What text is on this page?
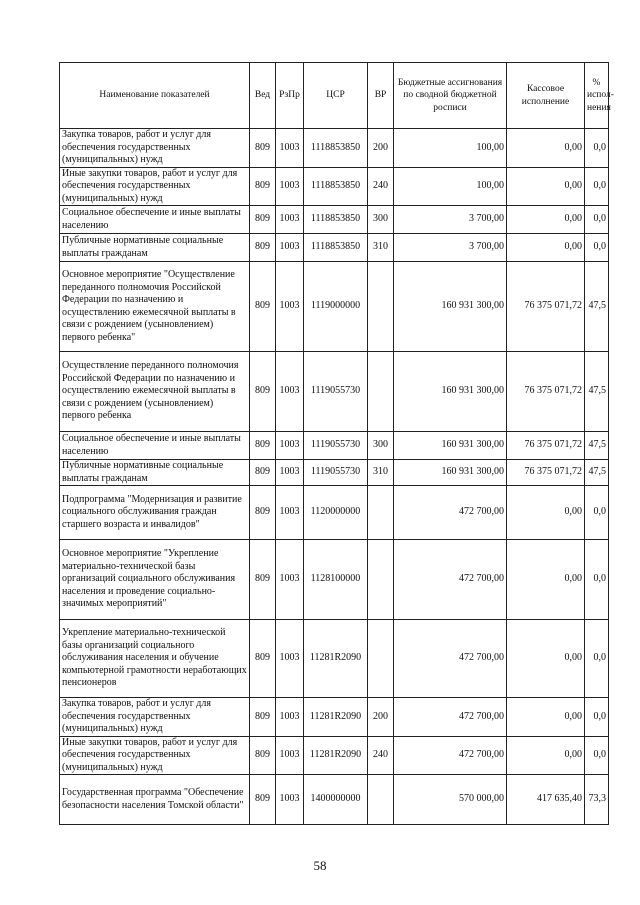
Наименование показателей	Вед	РзПр	ЦСР	ВР	Бюджетные ассигнования по сводной бюджетной росписи	Кассовое исполнение	% испол-нения
Закупка товаров, работ и услуг для обеспечения государственных (муниципальных) нужд	809	1003	1118853850	200	100,00	0,00	0,0
Иные закупки товаров, работ и услуг для обеспечения государственных (муниципальных) нужд	809	1003	1118853850	240	100,00	0,00	0,0
Социальное обеспечение и иные выплаты населению	809	1003	1118853850	300	3 700,00	0,00	0,0
Публичные нормативные социальные выплаты гражданам	809	1003	1118853850	310	3 700,00	0,00	0,0
Основное мероприятие "Осуществление переданного полномочия Российской Федерации по назначению и осуществлению ежемесячной выплаты в связи с рождением (усыновлением) первого ребенка"	809	1003	1119000000		160 931 300,00	76 375 071,72	47,5
Осуществление переданного полномочия Российской Федерации по назначению и осуществлению ежемесячной выплаты в связи с рождением (усыновлением) первого ребенка	809	1003	1119055730		160 931 300,00	76 375 071,72	47,5
Социальное обеспечение и иные выплаты населению	809	1003	1119055730	300	160 931 300,00	76 375 071,72	47,5
Публичные нормативные социальные выплаты гражданам	809	1003	1119055730	310	160 931 300,00	76 375 071,72	47,5
Подпрограмма "Модернизация и развитие социального обслуживания граждан старшего возраста и инвалидов"	809	1003	1120000000		472 700,00	0,00	0,0
Основное мероприятие "Укрепление материально-технической базы организаций социального обслуживания населения и проведение социально-значимых мероприятий"	809	1003	1128100000		472 700,00	0,00	0,0
Укрепление материально-технической базы организаций социального обслуживания населения и обучение компьютерной грамотности неработающих пенсионеров	809	1003	11281R2090		472 700,00	0,00	0,0
Закупка товаров, работ и услуг для обеспечения государственных (муниципальных) нужд	809	1003	11281R2090	200	472 700,00	0,00	0,0
Иные закупки товаров, работ и услуг для обеспечения государственных (муниципальных) нужд	809	1003	11281R2090	240	472 700,00	0,00	0,0
Государственная программа "Обеспечение безопасности населения Томской области"	809	1003	1400000000		570 000,00	417 635,40	73,3
58
